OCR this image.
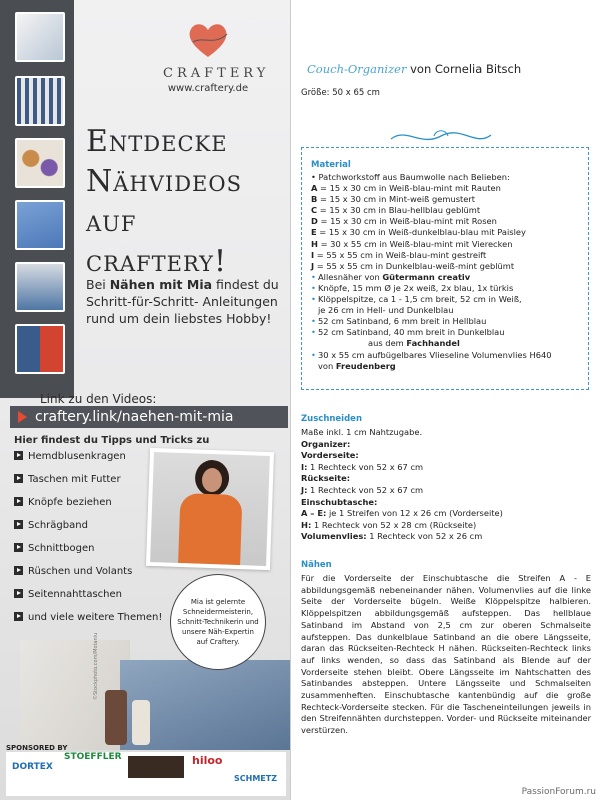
CRAFTERY
www.craftery.de
Entdecke
Nähvideos auf
craftery!
Bei Nähen mit Mia findest du Schritt-für-Schritt- Anleitungen rund um dein liebstes Hobby!
Link zu den Videos:
craftery.link/naehen-mit-mia
Hier findest du Tipps und Tricks zu
Hemdblusenkragen
Taschen mit Futter
Knöpfe beziehen
Schrägband
Schnittbogen
Rüschen und Volants
Seitennahttaschen
und viele weitere Themen!
Mia ist gelernte
Schneidermeisterin,
Schnitt-Technikerin und
unsere Näh-Expertin
auf Craftery.
©Stockphoto.com/Motaniu
SPONSORED BY
DORTEX
STOEFFLER	hiloo
SCHMETZ
Couch-Organizer von Cornelia Bitsch
Größe: 50 x 65 cm
Material
• Patchworkstoff aus Baumwolle nach Belieben:
A = 15 x 30 cm in Weiß-blau-mint mit Rauten
B = 15 x 30 cm in Mint-weiß gemustert
C = 15 x 30 cm in Blau-hellblau geblümt
D = 15 x 30 cm in Weiß-blau-mint mit Rosen
E = 15 x 30 cm in Weiß-dunkelblau-blau mit Paisley
H = 30 x 55 cm in Weiß-blau-mint mit Vierecken
I = 55 x 55 cm in Weiß-blau-mint gestreift
J = 55 x 55 cm in Dunkelblau-weiß-mint geblümt
• Allesnäher von Gütermann creativ
• Knöpfe, 15 mm Ø je 2x weiß, 2x blau, 1x türkis
• Klöppelspitze, ca 1 - 1,5 cm breit, 52 cm in Weiß,
je 26 cm in Hell- und Dunkelblau
• 52 cm Satinband, 6 mm breit in Hellblau
• 52 cm Satinband, 40 mm breit in Dunkelblau
aus dem Fachhandel
• 30 x 55 cm aufbügelbares Vlieseline Volumenvlies H640
von Freudenberg
Zuschneiden
Maße inkl. 1 cm Nahtzugabe.
Organizer:
Vorderseite:
I: 1 Rechteck von 52 x 67 cm
Rückseite:
J: 1 Rechteck von 52 x 67 cm
Einschubtasche:
A – E: je 1 Streifen von 12 x 26 cm (Vorderseite)
H: 1 Rechteck von 52 x 28 cm (Rückseite)
Volumenvlies: 1 Rechteck von 52 x 26 cm
Nähen

Für die Vorderseite der Einschubtasche die Streifen A - E abbildungsgemäß nebeneinander nähen. Volumenvlies auf die linke Seite der Vorderseite bügeln. Weiße Klöppelspitze halbieren. Klöppelspitzen abbildungsgemäß aufsteppen. Das hellblaue Satinband im Abstand von 2,5 cm zur oberen Schmalseite aufsteppen. Das dunkelblaue Satinband an die obere Längsseite, daran das Rückseiten-Rechteck H nähen. Rückseiten-Rechteck links auf links wenden, so dass das Satinband als Blende auf der Vorderseite stehen bleibt. Obere Längsseite im Nahtschatten des Satinbandes absteppen. Untere Längsseite und Schmalseiten zusammenheften. Einschubtasche kantenbündig auf die große Rechteck-Vorderseite stecken. Für die Tascheneinteilungen jeweils in den Streifennähten durchsteppen. Vorder- und Rückseite miteinander verstürzen.

PassionForum.ru
